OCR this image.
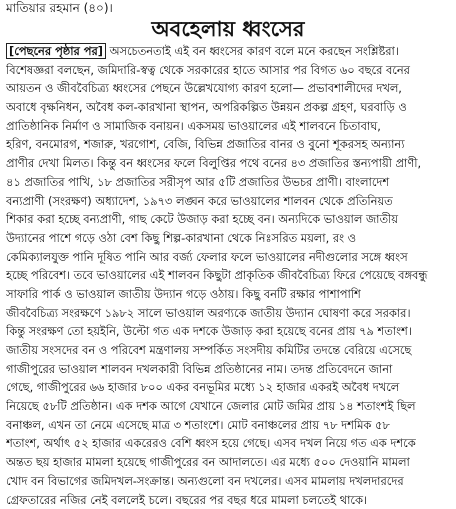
মাতিয়ার রহমান (৪০)।
অবহেলায় ধ্বংসের
[পেছনের পৃষ্ঠার পর] অসচেতনতাই এই বন ধ্বংসের কারণ বলে মনে করছেন সংশ্লিষ্টরা।
বিশেষজ্ঞরা বলছেন, জমিদারি-স্বত্ব থেকে সরকারের হাতে আসার পর বিগত ৬০ বছরে বনের
আয়তন ও জীববৈচিত্র্য ধ্বংসের পেছনে উল্লেখযোগ্য কারণ হলো— প্রভাবশালীদের দখল,
অবাধে বৃক্ষনিধন, অবৈধ কল-কারখানা স্থাপন, অপরিকল্পিত উন্নয়ন প্রকল্প গ্রহণ, ঘরবাড়ি ও
প্রাতিষ্ঠানিক নির্মাণ ও সামাজিক বনায়ন। একসময় ভাওয়ালের এই শালবনে চিতাবাঘ,
হরিণ, বনমোরগ, শজারু, খরগোশ, বেজি, বিভিন্ন প্রজাতির বানর ও বুনো শূকরসহ অন্যান্য
প্রাণীর দেখা মিলত। কিন্তু বন ধ্বংসের ফলে বিলুপ্তির পথে বনের ৪৩ প্রজাতির স্তন্যপায়ী প্রাণী,
৪১ প্রজাতির পাখি, ১৮ প্রজাতির সরীসৃপ আর ৫টি প্রজাতির উভচর প্রাণী। বাংলাদেশ
বন্যপ্রাণী (সংরক্ষণ) অধ্যাদেশ, ১৯৭৩ লঙ্ঘন করে ভাওয়ালের শালবন থেকে প্রতিনিয়ত
শিকার করা হচ্ছে বন্যপ্রাণী, গাছ কেটে উজাড় করা হচ্ছে বন। অন্যদিকে ভাওয়াল জাতীয়
উদ্যানের পাশে গড়ে ওঠা বেশ কিছু শিল্প-কারখানা থেকে নিঃসরিত ময়লা, রং ও
কেমিক্যালযুক্ত পানি দূষিত পানি আর বর্জ্য ফেলার ফলে ভাওয়ালের নদীগুলোর সঙ্গে ধ্বংস
হচ্ছে পরিবেশ। তবে ভাওয়ালের এই শালবন কিছুটা প্রাকৃতিক জীববৈচিত্র্য ফিরে পেয়েছে বঙ্গবন্ধু
সাফারি পার্ক ও ভাওয়াল জাতীয় উদ্যান গড়ে ওঠায়। কিছু বনটি রক্ষার পাশাপাশি
জীববৈচিত্র্য সংরক্ষণে ১৯৮২ সালে ভাওয়াল অরণ্যকে জাতীয় উদ্যান ঘোষণা করে সরকার।
কিন্তু সংরক্ষণ তো হয়ইনি, উল্টো গত এক দশকে উজাড় করা হয়েছে বনের প্রায় ৭৯ শতাংশ।
জাতীয় সংসদের বন ও পরিবেশ মন্ত্রণালয় সম্পর্কিত সংসদীয় কমিটির তদন্তে বেরিয়ে এসেছে
গাজীপুরের ভাওয়াল শালবন দখলকারী বিভিন্ন প্রতিষ্ঠানের নাম। তদন্ত প্রতিবেদনে জানা
গেছে, গাজীপুরের ৬৬ হাজার ৮০০ একর বনভূমির মধ্যে ১২ হাজার একরই অবৈধ দখলে
নিয়েছে ৫৮টি প্রতিষ্ঠান। এক দশক আগে যেখানে জেলার মোট জমির প্রায় ১৪ শতাংশই ছিল
বনাঞ্চল, এখন তা নেমে এসেছে মাত্র ৩ শতাংশে। মোট বনাঞ্চলের প্রায় ৭৮ দশমিক ৫৮
শতাংশ, অর্থাৎ ৫২ হাজার একরেরও বেশি ধ্বংস হয়ে গেছে। এসব দখল নিয়ে গত এক দশকে
অন্তত ছয় হাজার মামলা হয়েছে গাজীপুরের বন আদালতে। এর মধ্যে ৫০০ দেওয়ানি মামলা
খোদ বন বিভাগের জমিদখল-সংক্রান্ত। অন্যগুলো বন দখলের। এসব মামলায় দখলদারদের
গ্রেফতারের নজির নেই বললেই চলে। বছরের পর বছর ধরে মামলা চলতেই থাকে।
